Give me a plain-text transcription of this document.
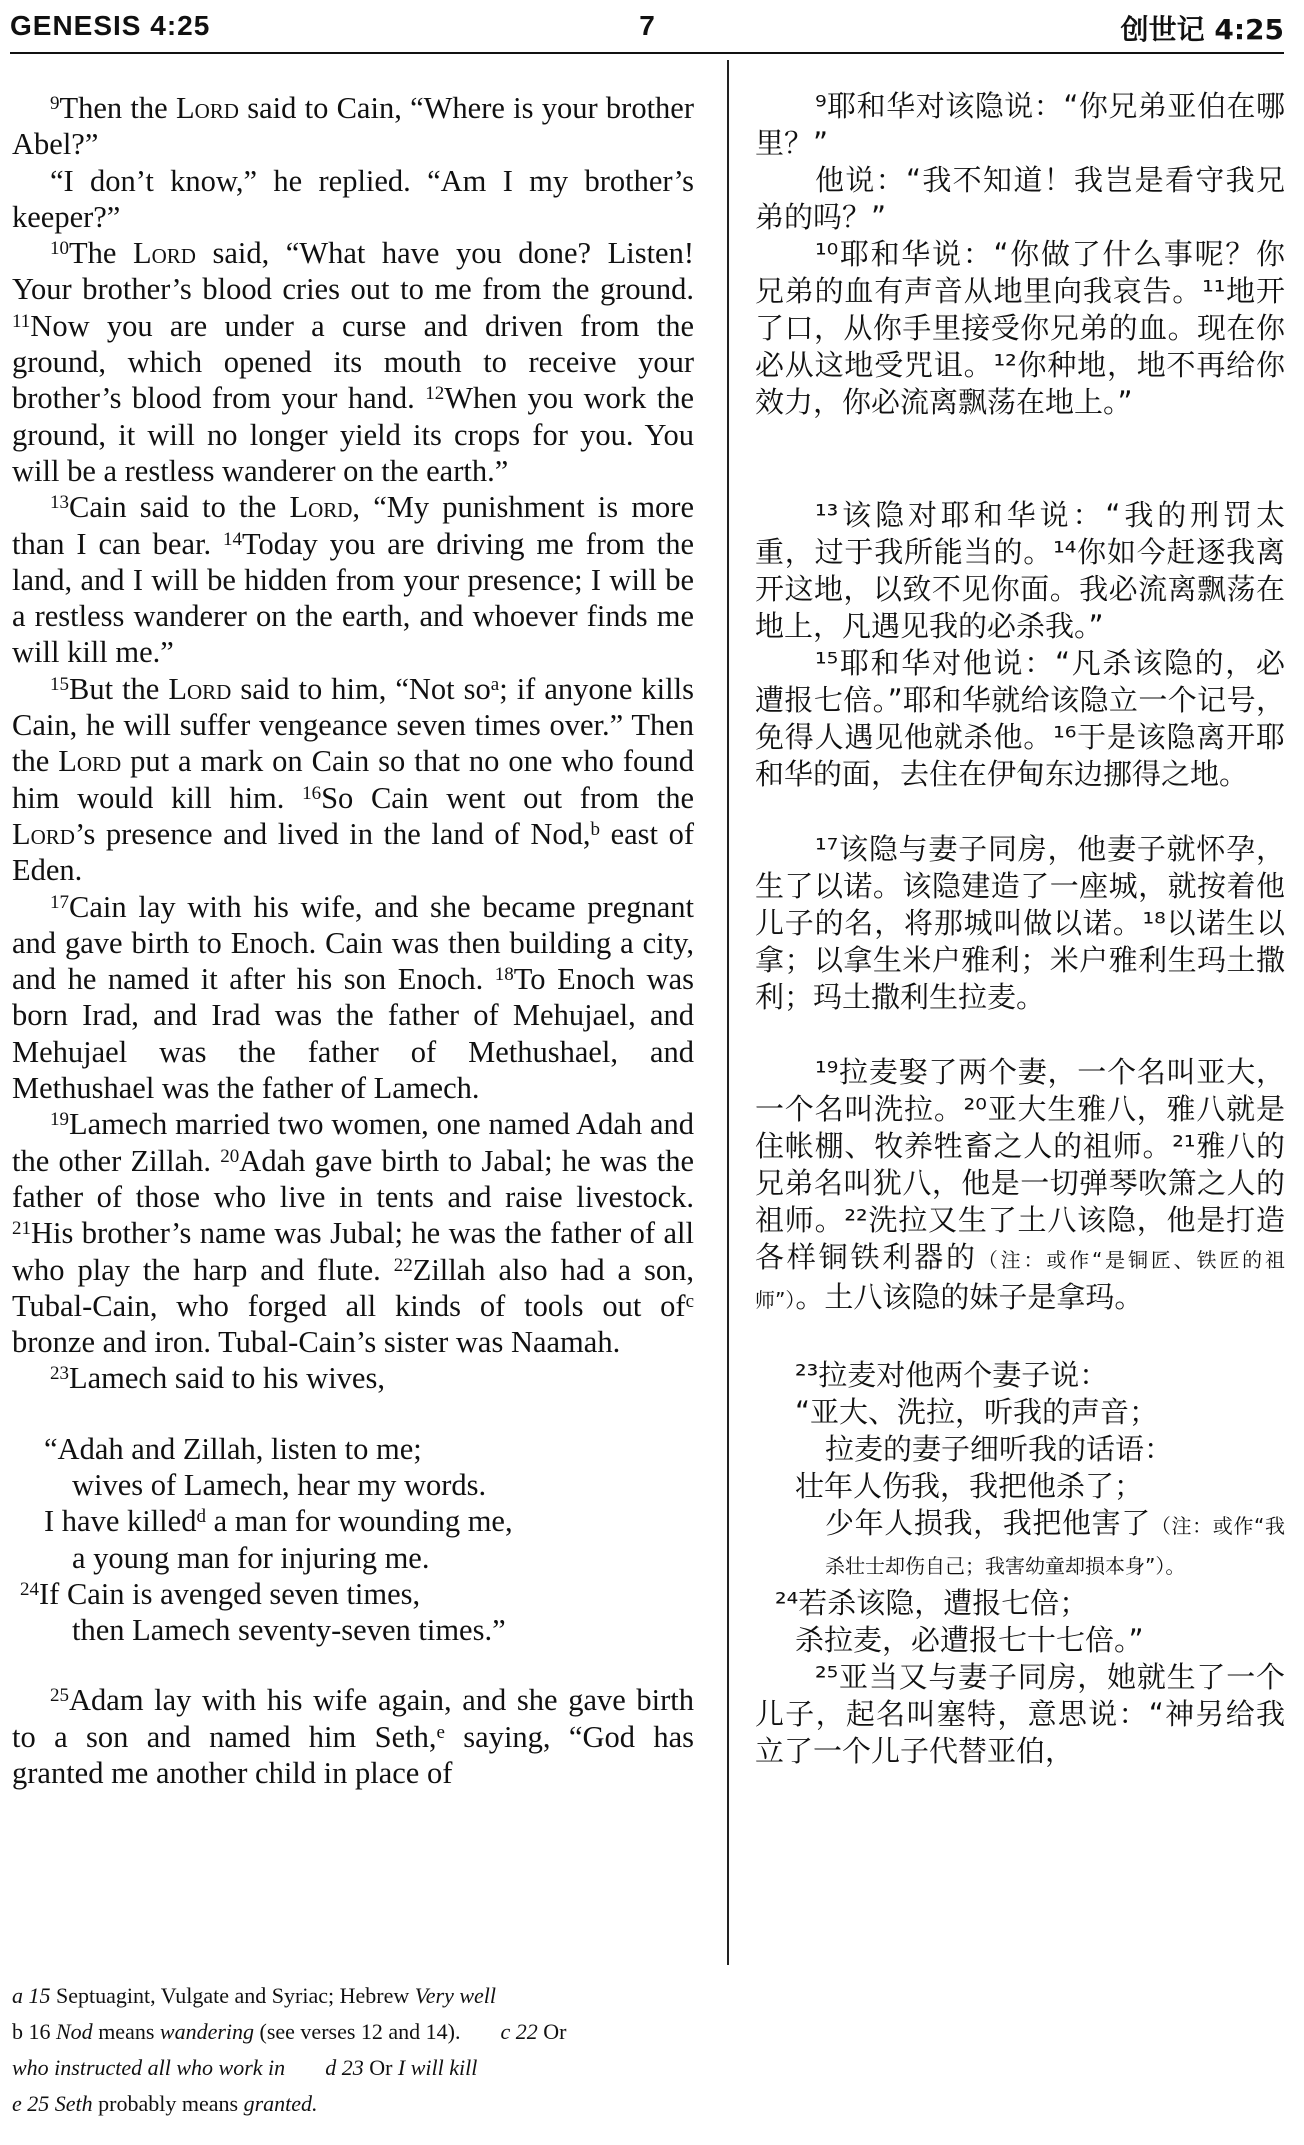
GENESIS 4:25	7	创世记 4:25

$^9$Then the Lord said to Cain, “Where is your brother Abel?”

“I don’t know,” he replied. “Am I my brother’s keeper?”

$^{10}$The Lord said, “What have you done? Listen! Your brother’s blood cries out to me from the ground. $^{11}$Now you are under a curse and driven from the ground, which opened its mouth to receive your brother’s blood from your hand. $^{12}$When you work the ground, it will no longer yield its crops for you. You will be a restless wanderer on the earth.”

$^{13}$Cain said to the Lord, “My punishment is more than I can bear. $^{14}$Today you are driving me from the land, and I will be hidden from your presence; I will be a restless wanderer on the earth, and whoever finds me will kill me.”

$^{15}$But the Lord said to him, “Not $so^a$; if anyone kills Cain, he will suffer vengeance seven times over.” Then the Lord put a mark on Cain so that no one who found him would kill him. $^{16}$So Cain went out from the Lord’s presence and lived in the land of Nod,$^b$ east of Eden.

$^{17}$Cain lay with his wife, and she became pregnant and gave birth to Enoch. Cain was then building a city, and he named it after his son Enoch. $^{18}$To Enoch was born Irad, and Irad was the father of Mehujael, and Mehujael was the father of Methushael, and Methushael was the father of Lamech.

$^{19}$Lamech married two women, one named Adah and the other Zillah. $^{20}$Adah gave birth to Jabal; he was the father of those who live in tents and raise livestock. $^{21}$His brother’s name was Jubal; he was the father of all who play the harp and flute. $^{22}$Zillah also had a son, Tubal-Cain, who forged all kinds of tools out $of^c$ bronze and iron. Tubal-Cain’s sister was Naamah.

$^{23}$Lamech said to his wives,

“Adah and Zillah, listen to me;
wives of Lamech, hear my words.
I have killed$^d$ a man for wounding me,
a young man for injuring me.
$^{24}$If Cain is avenged seven times,
then Lamech seventy-seven times.”

$^{25}$Adam lay with his wife again, and she gave birth to a son and named him Seth,$^e$ saying, “God has granted me another child in place of

⁹耶和华对该隐说：“你兄弟亚伯在哪里？”

他说：“我不知道！我岂是看守我兄弟的吗？”

¹⁰耶和华说：“你做了什么事呢？你兄弟的血有声音从地里向我哀告。¹¹地开了口，从你手里接受你兄弟的血。现在你必从这地受咒诅。¹²你种地，地不再给你效力，你必流离飘荡在地上。”

¹³该隐对耶和华说：“我的刑罚太重，过于我所能当的。¹⁴你如今赶逐我离开这地，以致不见你面。我必流离飘荡在地上，凡遇见我的必杀我。”

¹⁵耶和华对他说：“凡杀该隐的，必遭报七倍。”耶和华就给该隐立一个记号，免得人遇见他就杀他。¹⁶于是该隐离开耶和华的面，去住在伊甸东边挪得之地。

¹⁷该隐与妻子同房，他妻子就怀孕，生了以诺。该隐建造了一座城，就按着他儿子的名，将那城叫做以诺。¹⁸以诺生以拿；以拿生米户雅利；米户雅利生玛土撒利；玛土撒利生拉麦。

¹⁹拉麦娶了两个妻，一个名叫亚大，一个名叫洗拉。²⁰亚大生雅八，雅八就是住帐棚、牧养牲畜之人的祖师。²¹雅八的兄弟名叫犹八，他是一切弹琴吹箫之人的祖师。²²洗拉又生了土八该隐，他是打造各样铜铁利器的（注：或作“是铜匠、铁匠的祖师”）。土八该隐的妹子是拿玛。

²³拉麦对他两个妻子说：

“亚大、洗拉，听我的声音；

拉麦的妻子细听我的话语：

壮年人伤我，我把他杀了；

少年人损我，我把他害了（注：或作“我杀壮士却伤自己；我害幼童却损本身”）。

²⁴若杀该隐，遭报七倍；

杀拉麦，必遭报七十七倍。”

²⁵亚当又与妻子同房，她就生了一个儿子，起名叫塞特，意思说：“神另给我立了一个儿子代替亚伯，

a 15 Septuagint, Vulgate and Syriac; Hebrew Very well
b 16 Nod means wandering (see verses 12 and 14). c 22 Or
who instructed all who work in d 23 Or I will kill
e 25 Seth probably means granted.
